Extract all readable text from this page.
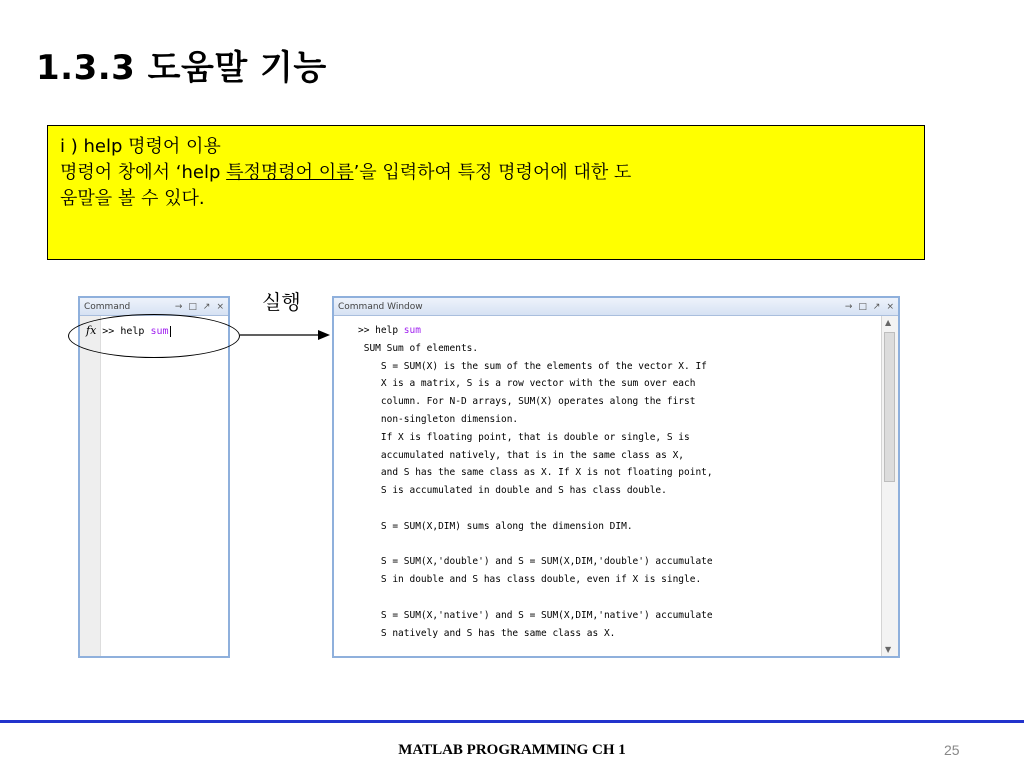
1.3.3 도움말 기능
i ) help 명령어 이용
명령어 창에서 ‘help 특정명령어 이름’을 입력하여 특정 명령어에 대한 도
움말을 볼 수 있다.
실행
Command	→ □ ↗ ×
fx >> help sum
Command Window	→ □ ↗ ×
>> help sum
SUM Sum of elements.
S = SUM(X) is the sum of the elements of the vector X. If
X is a matrix, S is a row vector with the sum over each
column. For N-D arrays, SUM(X) operates along the first
non-singleton dimension.
If X is floating point, that is double or single, S is
accumulated natively, that is in the same class as X,
and S has the same class as X. If X is not floating point,
S is accumulated in double and S has class double.

S = SUM(X,DIM) sums along the dimension DIM.

S = SUM(X,'double') and S = SUM(X,DIM,'double') accumulate
S in double and S has class double, even if X is single.

S = SUM(X,'native') and S = SUM(X,DIM,'native') accumulate
S natively and S has the same class as X.
▲
▼
MATLAB PROGRAMMING CH 1	25
